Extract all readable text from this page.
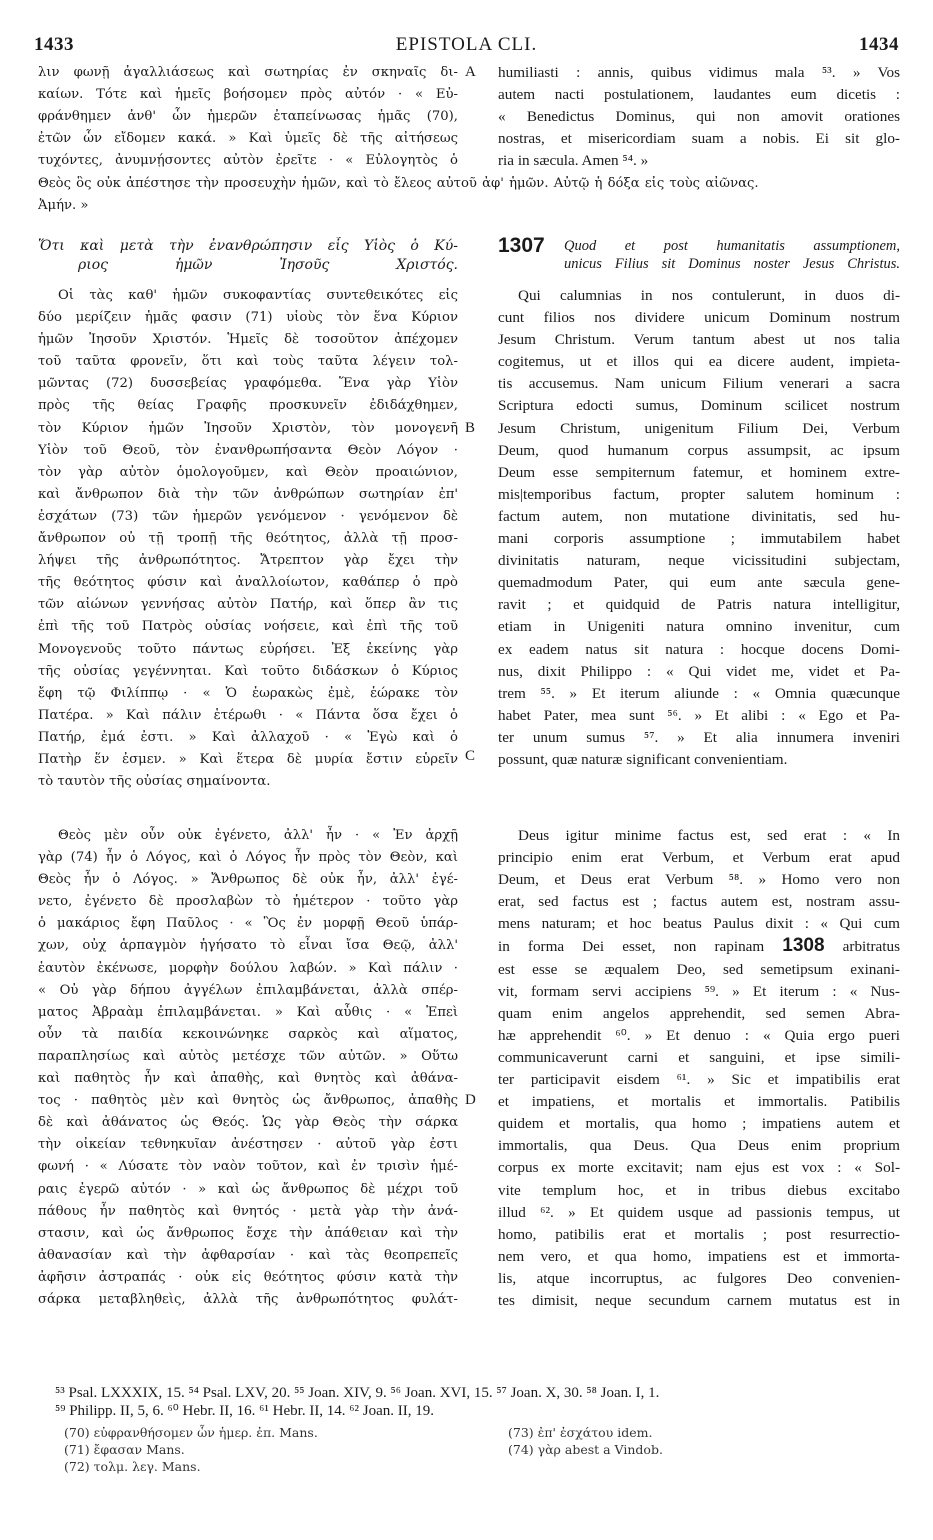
1433	EPISTOLA CLI.	1434
λιν φωνῇ ἀγαλλιάσεως καὶ σωτηρίας ἐν σκηναῖς δι-
καίων. Τότε καὶ ἡμεῖς βοήσομεν πρὸς αὐτόν · « Εὐ-
φράνθημεν ἀνθ' ὧν ἡμερῶν ἐταπείνωσας ἡμᾶς (70),
ἐτῶν ὧν εἴδομεν κακά. » Καὶ ὑμεῖς δὲ τῆς αἰτήσεως
τυχόντες, ἀνυμνῄσοντες αὐτὸν ἐρεῖτε · « Εὐλογητὸς ὁ
A humiliasti : annis, quibus vidimus mala ⁵³. » Vos
autem nacti postulationem, laudantes eum dicetis :
« Benedictus Dominus, qui non amovit orationes
nostras, et misericordiam suam a nobis. Ei sit glo-
ria in sæcula. Amen ⁵⁴. »
Θεὸς ὃς οὐκ ἀπέστησε τὴν προσευχὴν ἡμῶν, καὶ τὸ ἔλεος αὐτοῦ ἀφ' ἡμῶν. Αὐτῷ ἡ δόξα εἰς τοὺς αἰῶνας.
Ἀμήν. »
Ὅτι καὶ μετὰ τὴν ἐνανθρώπησιν εἷς Υἱὸς ὁ Κύ-
ριος ἡμῶν Ἰησοῦς Χριστός.
1307 Quod et post humanitatis assumptionem,
unicus Filius sit Dominus noster Jesus Christus.
Οἱ τὰς καθ' ἡμῶν συκοφαντίας συντεθεικότες εἰς
δύο μερίζειν ἡμᾶς φασιν (71) υἱοὺς τὸν ἕνα Κύριον
ἡμῶν Ἰησοῦν Χριστόν. Ἡμεῖς δὲ τοσοῦτον ἀπέχομεν
τοῦ ταῦτα φρονεῖν, ὅτι καὶ τοὺς ταῦτα λέγειν τολ-
μῶντας (72) δυσσεβείας γραφόμεθα. Ἕνα γὰρ Υἱὸν
πρὸς τῆς θείας Γραφῆς προσκυνεῖν ἐδιδάχθημεν,
τὸν Κύριον ἡμῶν Ἰησοῦν Χριστὸν, τὸν μονογενῆ
Υἱὸν τοῦ Θεοῦ, τὸν ἐνανθρωπήσαντα Θεὸν Λόγον ·
τὸν γὰρ αὐτὸν ὁμολογοῦμεν, καὶ Θεὸν προαιώνιον,
καὶ ἄνθρωπον διὰ τὴν τῶν ἀνθρώπων σωτηρίαν ἐπ'
ἐσχάτων (73) τῶν ἡμερῶν γενόμενον · γενόμενον δὲ
ἄνθρωπον οὐ τῇ τροπῇ τῆς θεότητος, ἀλλὰ τῇ προσ-
λήψει τῆς ἀνθρωπότητος. Ἄτρεπτον γὰρ ἔχει τὴν
τῆς θεότητος φύσιν καὶ ἀναλλοίωτον, καθάπερ ὁ πρὸ
τῶν αἰώνων γεννήσας αὐτὸν Πατήρ, καὶ ὅπερ ἂν τις
ἐπὶ τῆς τοῦ Πατρὸς οὐσίας νοήσειε, καὶ ἐπὶ τῆς τοῦ
Μονογενοῦς τοῦτο πάντως εὑρήσει. Ἐξ ἐκείνης γὰρ
τῆς οὐσίας γεγέννηται. Καὶ τοῦτο διδάσκων ὁ Κύριος
ἔφη τῷ Φιλίππῳ · « Ὁ ἑωρακὼς ἐμὲ, ἑώρακε τὸν
Πατέρα. » Καὶ πάλιν ἑτέρωθι · « Πάντα ὅσα ἔχει ὁ
Πατήρ, ἐμά ἐστι. » Καὶ ἀλλαχοῦ · « Ἐγὼ καὶ ὁ
Πατὴρ ἕν ἐσμεν. » Καὶ ἕτερα δὲ μυρία ἔστιν εὑρεῖν
τὸ ταυτὸν τῆς οὐσίας σημαίνοντα.
B
C
Qui calumnias in nos contulerunt, in duos di-
cunt filios nos dividere unicum Dominum nostrum
Jesum Christum. Verum tantum abest ut nos talia
cogitemus, ut et illos qui ea dicere audent, impieta-
tis accusemus. Nam unicum Filium venerari a sacra
Scriptura edocti sumus, Dominum scilicet nostrum
Jesum Christum, unigenitum Filium Dei, Verbum
Deum, quod humanum corpus assumpsit, ac ipsum
Deum esse sempiternum fatemur, et hominem extre-
mis|temporibus factum, propter salutem hominum :
factum autem, non mutatione divinitatis, sed hu-
mani corporis assumptione ; immutabilem habet
divinitatis naturam, neque vicissitudini subjectam,
quemadmodum Pater, qui eum ante sæcula gene-
ravit ; et quidquid de Patris natura intelligitur,
etiam in Unigeniti natura omnino invenitur, cum
ex eadem natus sit natura : hocque docens Domi-
nus, dixit Philippo : « Qui videt me, videt et Pa-
trem ⁵⁵. » Et iterum aliunde : « Omnia quæcunque
habet Pater, mea sunt ⁵⁶. » Et alibi : « Ego et Pa-
ter unum sumus ⁵⁷. » Et alia innumera inveniri
possunt, quæ naturæ significant convenientiam.
Θεὸς μὲν οὖν οὐκ ἐγένετο, ἀλλ' ἦν · « Ἐν ἀρχῇ
γὰρ (74) ἦν ὁ Λόγος, καὶ ὁ Λόγος ἦν πρὸς τὸν Θεὸν, καὶ
Θεὸς ἦν ὁ Λόγος. » Ἄνθρωπος δὲ οὐκ ἦν, ἀλλ' ἐγέ-
νετο, ἐγένετο δὲ προσλαβὼν τὸ ἡμέτερον · τοῦτο γὰρ
ὁ μακάριος ἔφη Παῦλος · « Ὃς ἐν μορφῇ Θεοῦ ὑπάρ-
χων, οὐχ ἁρπαγμὸν ἡγήσατο τὸ εἶναι ἴσα Θεῷ, ἀλλ'
ἑαυτὸν ἐκένωσε, μορφὴν δούλου λαβών. » Καὶ πάλιν ·
« Οὐ γὰρ δήπου ἀγγέλων ἐπιλαμβάνεται, ἀλλὰ σπέρ-
ματος Ἀβραὰμ ἐπιλαμβάνεται. » Καὶ αὖθις · « Ἐπεὶ
οὖν τὰ παιδία κεκοινώνηκε σαρκὸς καὶ αἵματος,
παραπλησίως καὶ αὐτὸς μετέσχε τῶν αὐτῶν. » Οὕτω
καὶ παθητὸς ἦν καὶ ἀπαθὴς, καὶ θνητὸς καὶ ἀθάνα-
τος · παθητὸς μὲν καὶ θνητὸς ὡς ἄνθρωπος, ἀπαθὴς
δὲ καὶ ἀθάνατος ὡς Θεός. Ὡς γὰρ Θεὸς τὴν σάρκα
τὴν οἰκείαν τεθνηκυῖαν ἀνέστησεν · αὐτοῦ γὰρ ἐστι
φωνή · « Λύσατε τὸν ναὸν τοῦτον, καὶ ἐν τρισὶν ἡμέ-
ραις ἐγερῶ αὐτόν · » καὶ ὡς ἄνθρωπος δὲ μέχρι τοῦ
πάθους ἦν παθητὸς καὶ θνητός · μετὰ γὰρ τὴν ἀνά-
στασιν, καὶ ὡς ἄνθρωπος ἔσχε τὴν ἀπάθειαν καὶ τὴν
ἀθανασίαν καὶ τὴν ἀφθαρσίαν · καὶ τὰς θεοπρεπεῖς
ἀφῆσιν ἀστραπάς · οὐκ εἰς θεότητος φύσιν κατὰ τὴν
σάρκα μεταβληθεὶς, ἀλλὰ τῆς ἀνθρωπότητος φυλάτ-
D
Deus igitur minime factus est, sed erat : « In
principio enim erat Verbum, et Verbum erat apud
Deum, et Deus erat Verbum ⁵⁸. » Homo vero non
erat, sed factus est ; factus autem est, nostram assu-
mens naturam; et hoc beatus Paulus dixit : « Qui cum
in forma Dei esset, non rapinam 1308 arbitratus
est esse se æqualem Deo, sed semetipsum exinani-
vit, formam servi accipiens ⁵⁹. » Et iterum : « Nus-
quam enim angelos apprehendit, sed semen Abra-
hæ apprehendit ⁶⁰. » Et denuo : « Quia ergo pueri
communicaverunt carni et sanguini, et ipse simili-
ter participavit eisdem ⁶¹. » Sic et impatibilis erat
et impatiens, et mortalis et immortalis. Patibilis
quidem et mortalis, qua homo ; impatiens autem et
immortalis, qua Deus. Qua Deus enim proprium
corpus ex morte excitavit; nam ejus est vox : « Sol-
vite templum hoc, et in tribus diebus excitabo
illud ⁶². » Et quidem usque ad passionis tempus, ut
homo, patibilis erat et mortalis ; post resurrectio-
nem vero, et qua homo, impatiens est et immorta-
lis, atque incorruptus, ac fulgores Deo convenien-
tes dimisit, neque secundum carnem mutatus est in
⁵³ Psal. LXXXIX, 15. ⁵⁴ Psal. LXV, 20. ⁵⁵ Joan. XIV, 9. ⁵⁶ Joan. XVI, 15. ⁵⁷ Joan. X, 30. ⁵⁸ Joan. I, 1.
⁵⁹ Philipp. II, 5, 6. ⁶⁰ Hebr. II, 16. ⁶¹ Hebr. II, 14. ⁶² Joan. II, 19.
(70) εὐφρανθήσομεν ὧν ἡμερ. ἐπ. Mans.
(71) ἔφασαν Mans.
(72) τολμ. λεγ. Mans.
(73) ἐπ' ἐσχάτου idem.
(74) γὰρ abest a Vindob.
